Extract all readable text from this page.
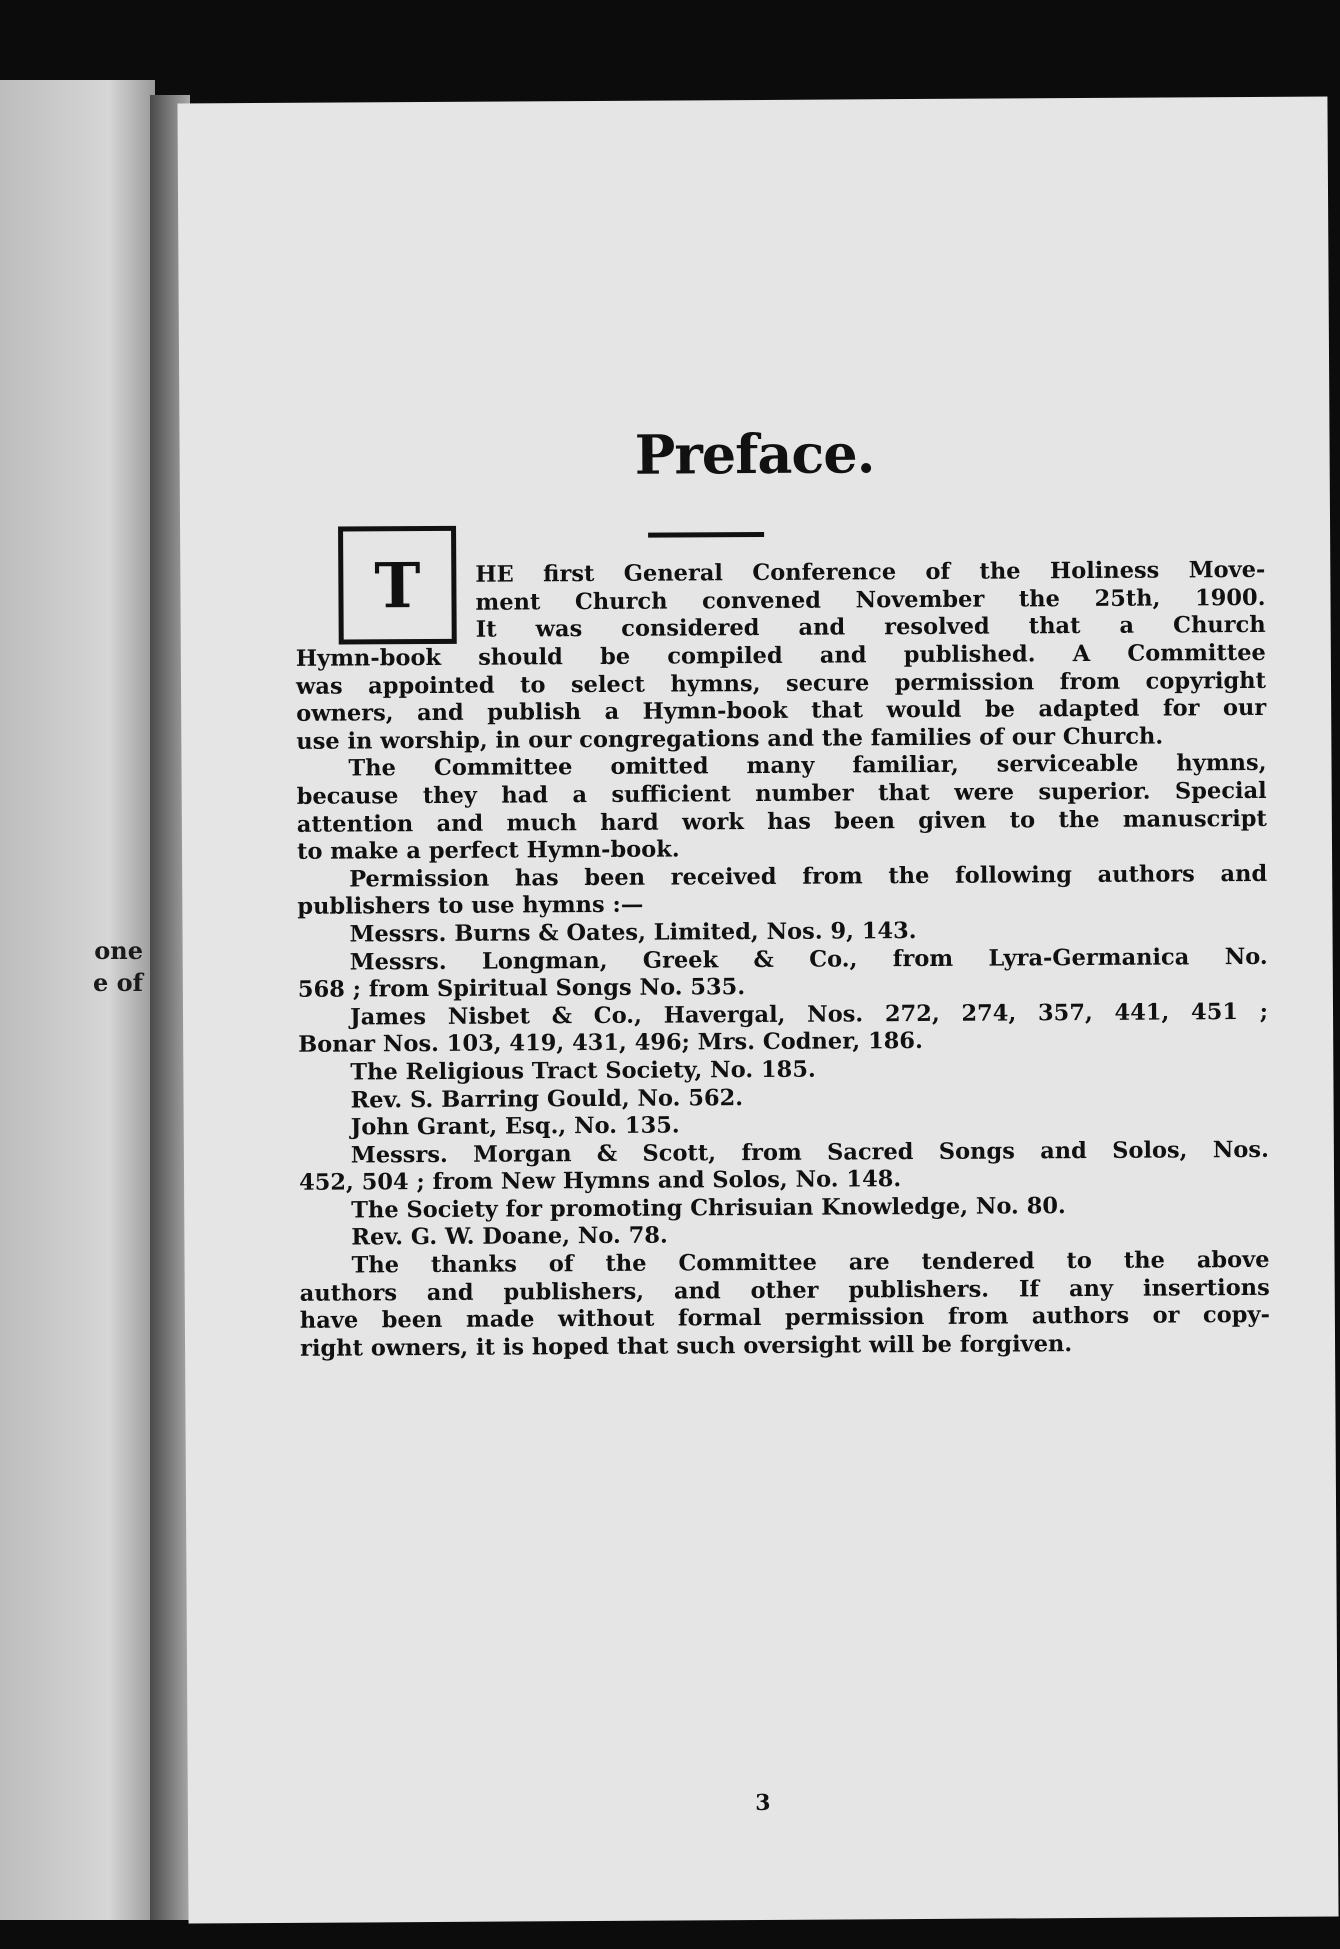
one
e of
Preface.
T	HE first General Conference of the Holiness Move-
ment Church convened November the 25th, 1900.
It was considered and resolved that a Church
Hymn-book should be compiled and published. A Committee
was appointed to select hymns, secure permission from copyright
owners, and publish a Hymn-book that would be adapted for our
use in worship, in our congregations and the families of our Church.
The Committee omitted many familiar, serviceable hymns,
because they had a sufficient number that were superior. Special
attention and much hard work has been given to the manuscript
to make a perfect Hymn-book.
Permission has been received from the following authors and
publishers to use hymns :—
Messrs. Burns & Oates, Limited, Nos. 9, 143.
Messrs. Longman, Greek & Co., from Lyra-Germanica No.
568 ; from Spiritual Songs No. 535.
James Nisbet & Co., Havergal, Nos. 272, 274, 357, 441, 451 ;
Bonar Nos. 103, 419, 431, 496; Mrs. Codner, 186.
The Religious Tract Society, No. 185.
Rev. S. Barring Gould, No. 562.
John Grant, Esq., No. 135.
Messrs. Morgan & Scott, from Sacred Songs and Solos, Nos.
452, 504 ; from New Hymns and Solos, No. 148.
The Society for promoting Chrisuian Knowledge, No. 80.
Rev. G. W. Doane, No. 78.
The thanks of the Committee are tendered to the above
authors and publishers, and other publishers. If any insertions
have been made without formal permission from authors or copy-
right owners, it is hoped that such oversight will be forgiven.
3
